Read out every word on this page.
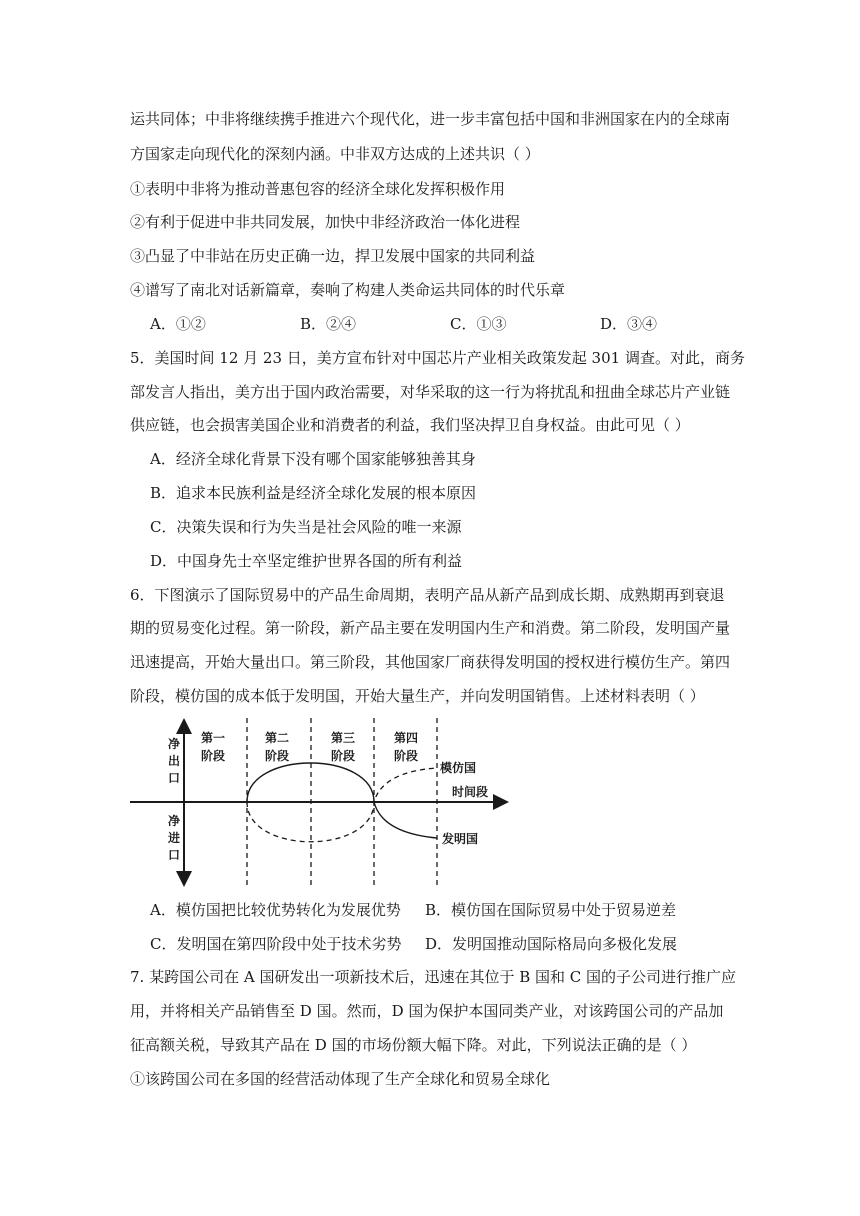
运共同体；中非将继续携手推进六个现代化，进一步丰富包括中国和非洲国家在内的全球南
方国家走向现代化的深刻内涵。中非双方达成的上述共识（ ）
①表明中非将为推动普惠包容的经济全球化发挥积极作用
②有利于促进中非共同发展，加快中非经济政治一体化进程
③凸显了中非站在历史正确一边，捍卫发展中国家的共同利益
④谱写了南北对话新篇章，奏响了构建人类命运共同体的时代乐章
A．①②	B．②④	C．①③	D．③④
5．美国时间 12 月 23 日，美方宣布针对中国芯片产业相关政策发起 301 调查。对此，商务
部发言人指出，美方出于国内政治需要，对华采取的这一行为将扰乱和扭曲全球芯片产业链
供应链，也会损害美国企业和消费者的利益，我们坚决捍卫自身权益。由此可见（ ）
A．经济全球化背景下没有哪个国家能够独善其身
B．追求本民族利益是经济全球化发展的根本原因
C．决策失误和行为失当是社会风险的唯一来源
D．中国身先士卒坚定维护世界各国的所有利益
6．下图演示了国际贸易中的产品生命周期，表明产品从新产品到成长期、成熟期再到衰退
期的贸易变化过程。第一阶段，新产品主要在发明国内生产和消费。第二阶段，发明国产量
迅速提高，开始大量出口。第三阶段，其他国家厂商获得发明国的授权进行模仿生产。第四
阶段，模仿国的成本低于发明国，开始大量生产，并向发明国销售。上述材料表明（ ）
净
出
口
净
进
口
第一
阶段
第二
阶段
第三
阶段
第四
阶段
模仿国
时间段
发明国
A．模仿国把比较优势转化为发展优势 B．模仿国在国际贸易中处于贸易逆差
C．发明国在第四阶段中处于技术劣势 D．发明国推动国际格局向多极化发展
7. 某跨国公司在 A 国研发出一项新技术后，迅速在其位于 B 国和 C 国的子公司进行推广应
用，并将相关产品销售至 D 国。然而，D 国为保护本国同类产业，对该跨国公司的产品加
征高额关税，导致其产品在 D 国的市场份额大幅下降。对此，下列说法正确的是（ ）
①该跨国公司在多国的经营活动体现了生产全球化和贸易全球化
